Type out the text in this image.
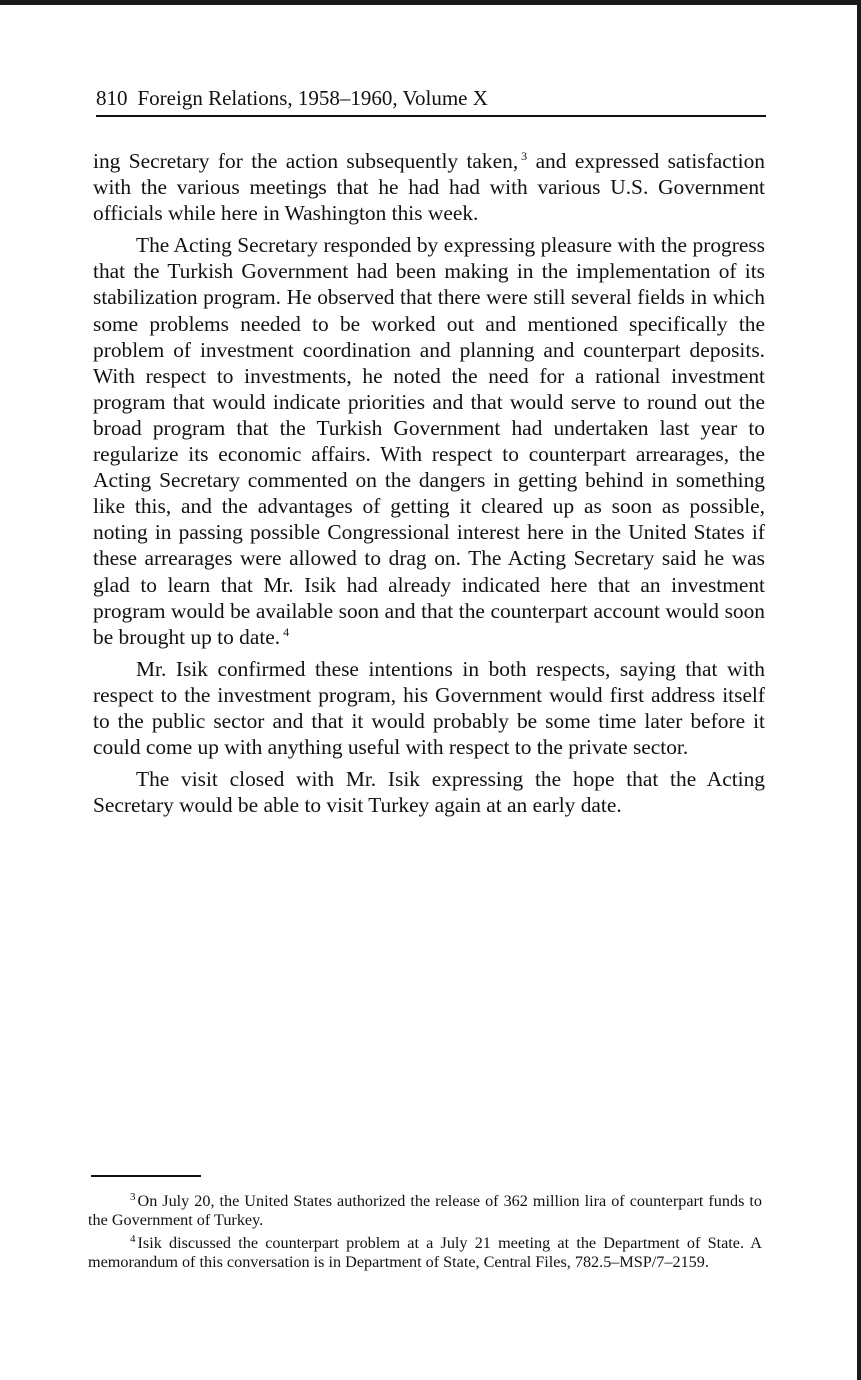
810 Foreign Relations, 1958–1960, Volume X

ing Secretary for the action subsequently taken, $^3$ and expressed satisfaction with the various meetings that he had had with various U.S. Government officials while here in Washington this week.

The Acting Secretary responded by expressing pleasure with the progress that the Turkish Government had been making in the implementation of its stabilization program. He observed that there were still several fields in which some problems needed to be worked out and mentioned specifically the problem of investment coordination and planning and counterpart deposits. With respect to investments, he noted the need for a rational investment program that would indicate priorities and that would serve to round out the broad program that the Turkish Government had undertaken last year to regularize its economic affairs. With respect to counterpart arrearages, the Acting Secretary commented on the dangers in getting behind in something like this, and the advantages of getting it cleared up as soon as possible, noting in passing possible Congressional interest here in the United States if these arrearages were allowed to drag on. The Acting Secretary said he was glad to learn that Mr. Isik had already indicated here that an investment program would be available soon and that the counterpart account would soon be brought up to date. $^4$

Mr. Isik confirmed these intentions in both respects, saying that with respect to the investment program, his Government would first address itself to the public sector and that it would probably be some time later before it could come up with anything useful with respect to the private sector.

The visit closed with Mr. Isik expressing the hope that the Acting Secretary would be able to visit Turkey again at an early date.

$^3$ On July 20, the United States authorized the release of 362 million lira of counterpart funds to the Government of Turkey.

$^4$ Isik discussed the counterpart problem at a July 21 meeting at the Department of State. A memorandum of this conversation is in Department of State, Central Files, 782.5–MSP/7–2159.
